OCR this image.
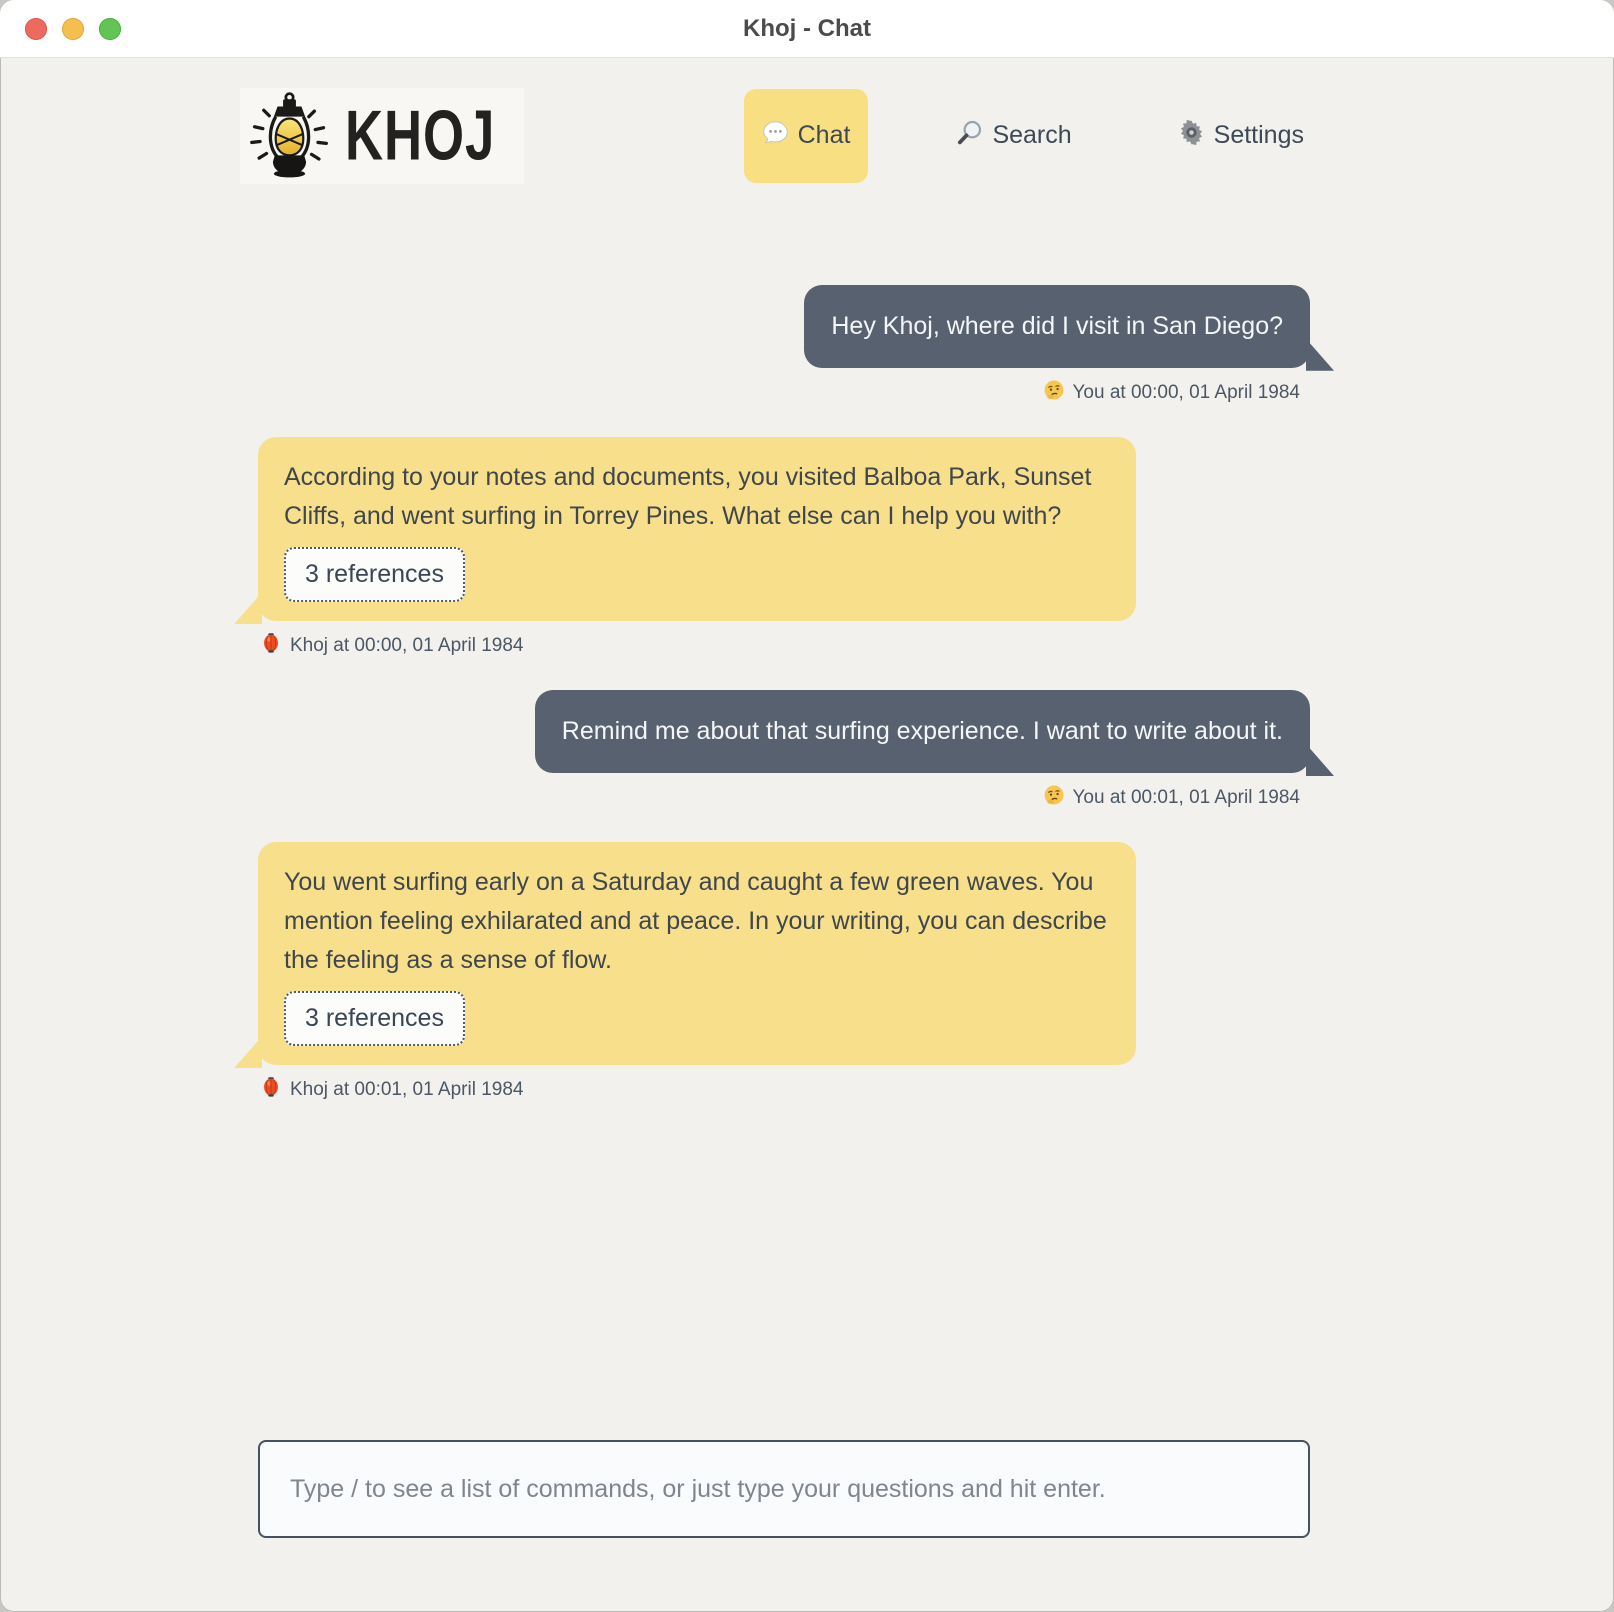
Khoj - Chat
KHOJ	Chat	Search	Settings
Hey Khoj, where did I visit in San Diego?
You at 00:00, 01 April 1984
According to your notes and documents, you visited Balboa Park, Sunset Cliffs, and went surfing in Torrey Pines. What else can I help you with?
3 references
Khoj at 00:00, 01 April 1984
Remind me about that surfing experience. I want to write about it.
You at 00:01, 01 April 1984
You went surfing early on a Saturday and caught a few green waves. You mention feeling exhilarated and at peace. In your writing, you can describe the feeling as a sense of flow.
3 references
Khoj at 00:01, 01 April 1984
Type / to see a list of commands, or just type your questions and hit enter.
